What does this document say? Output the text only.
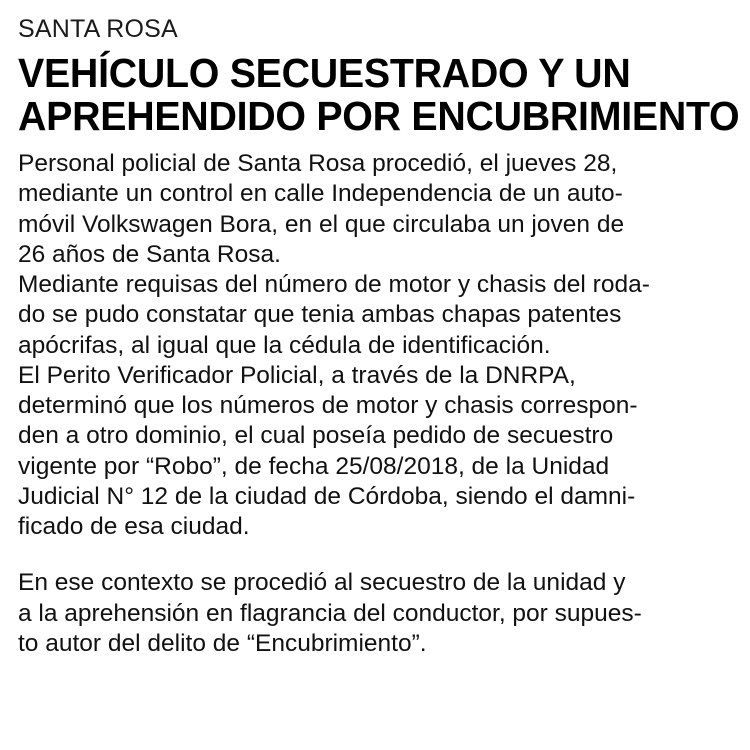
SANTA ROSA
VEHÍCULO SECUESTRADO Y UN
APREHENDIDO POR ENCUBRIMIENTO

Personal policial de Santa Rosa procedió, el jueves 28,
mediante un control en calle Independencia de un auto-
móvil Volkswagen Bora, en el que circulaba un joven de
26 años de Santa Rosa.

Mediante requisas del número de motor y chasis del roda-
do se pudo constatar que tenia ambas chapas patentes
apócrifas, al igual que la cédula de identificación.

El Perito Verificador Policial, a través de la DNRPA,
determinó que los números de motor y chasis correspon-
den a otro dominio, el cual poseía pedido de secuestro
vigente por “Robo”, de fecha 25/08/2018, de la Unidad
Judicial N° 12 de la ciudad de Córdoba, siendo el damni-
ficado de esa ciudad.

En ese contexto se procedió al secuestro de la unidad y
a la aprehensión en flagrancia del conductor, por supues-
to autor del delito de “Encubrimiento”.
